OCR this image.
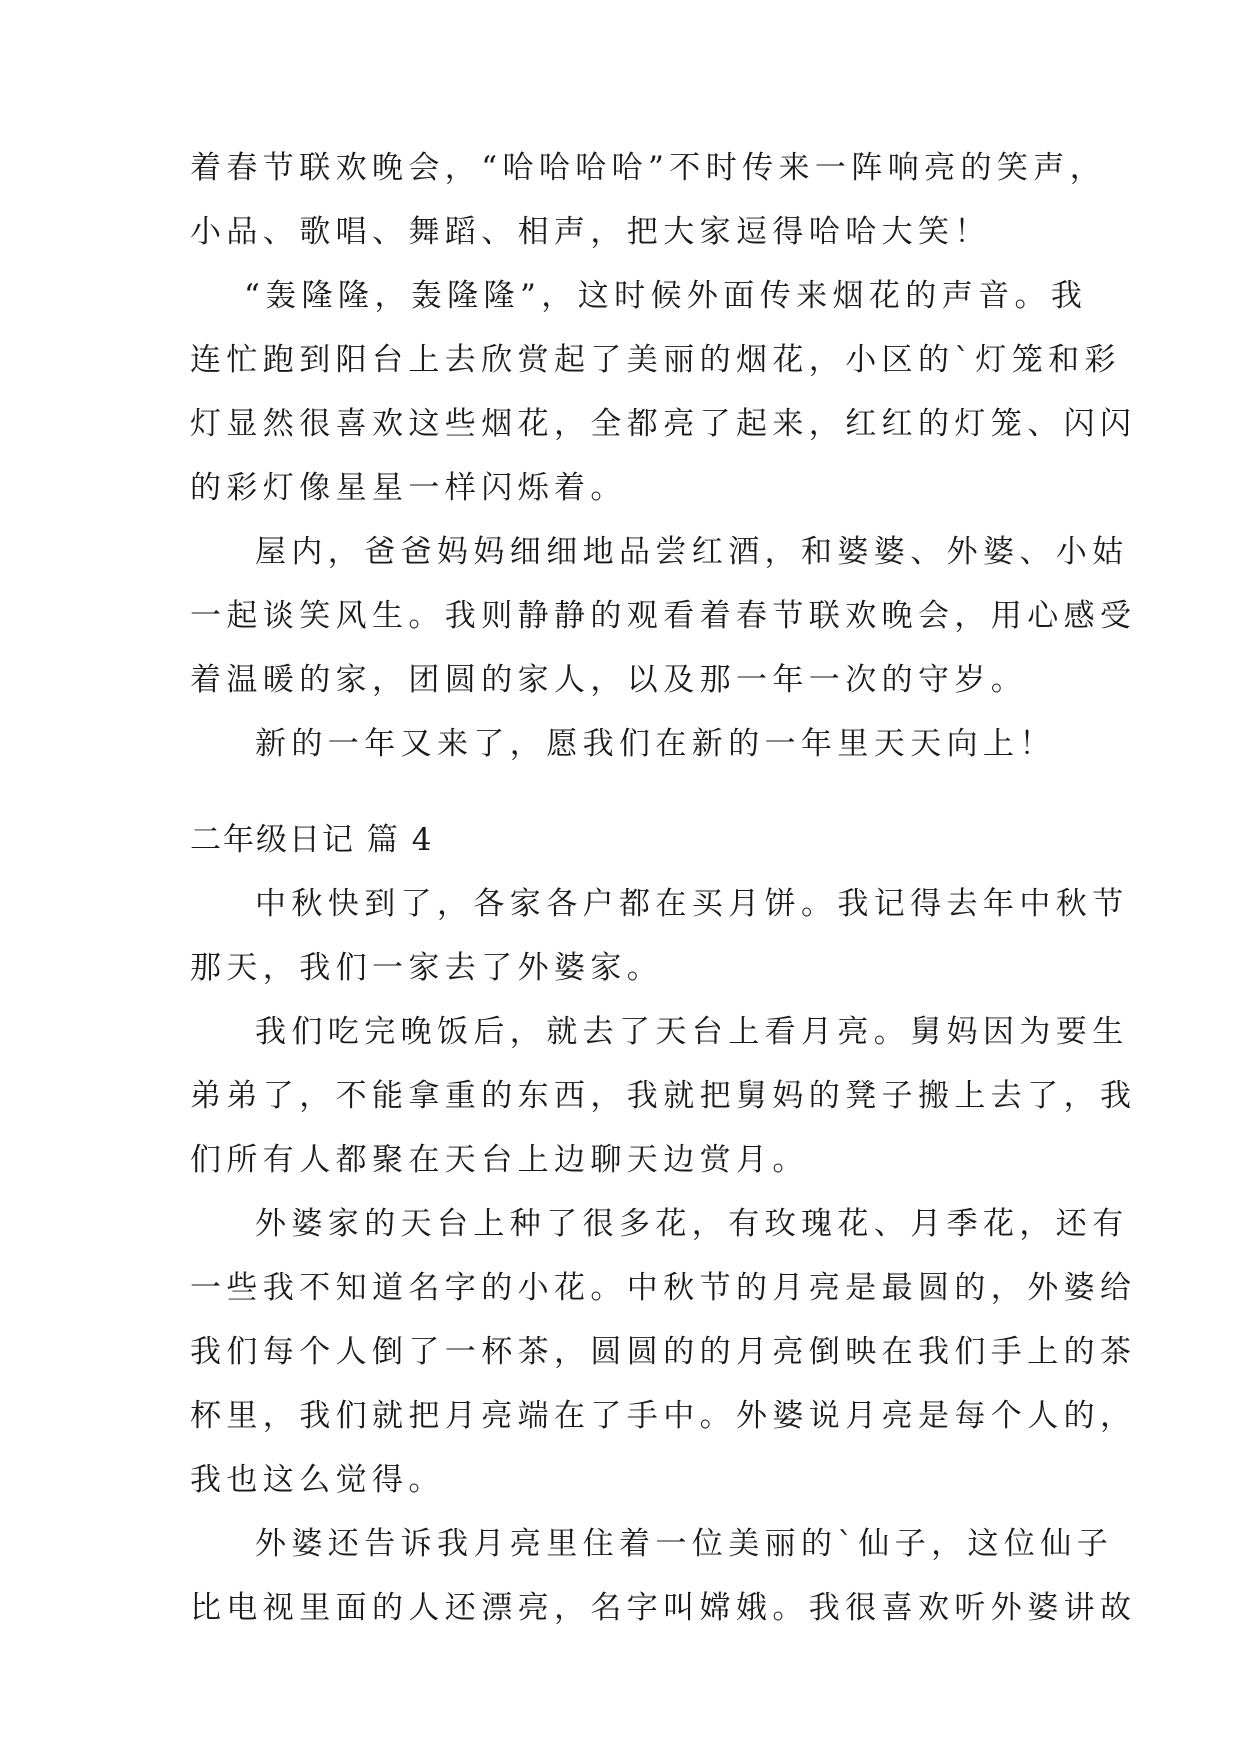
着春节联欢晚会，“哈哈哈哈”不时传来一阵响亮的笑声，
小品、歌唱、舞蹈、相声，把大家逗得哈哈大笑！
“轰隆隆，轰隆隆”，这时候外面传来烟花的声音。我
连忙跑到阳台上去欣赏起了美丽的烟花，小区的`灯笼和彩
灯显然很喜欢这些烟花，全都亮了起来，红红的灯笼、闪闪
的彩灯像星星一样闪烁着。
屋内，爸爸妈妈细细地品尝红酒，和婆婆、外婆、小姑
一起谈笑风生。我则静静的观看着春节联欢晚会，用心感受
着温暖的家，团圆的家人，以及那一年一次的守岁。
新的一年又来了，愿我们在新的一年里天天向上！
二年级日记 篇 4
中秋快到了，各家各户都在买月饼。我记得去年中秋节
那天，我们一家去了外婆家。
我们吃完晚饭后，就去了天台上看月亮。舅妈因为要生
弟弟了，不能拿重的东西，我就把舅妈的凳子搬上去了，我
们所有人都聚在天台上边聊天边赏月。
外婆家的天台上种了很多花，有玫瑰花、月季花，还有
一些我不知道名字的小花。中秋节的月亮是最圆的，外婆给
我们每个人倒了一杯茶，圆圆的的月亮倒映在我们手上的茶
杯里，我们就把月亮端在了手中。外婆说月亮是每个人的，
我也这么觉得。
外婆还告诉我月亮里住着一位美丽的`仙子，这位仙子
比电视里面的人还漂亮，名字叫嫦娥。我很喜欢听外婆讲故
